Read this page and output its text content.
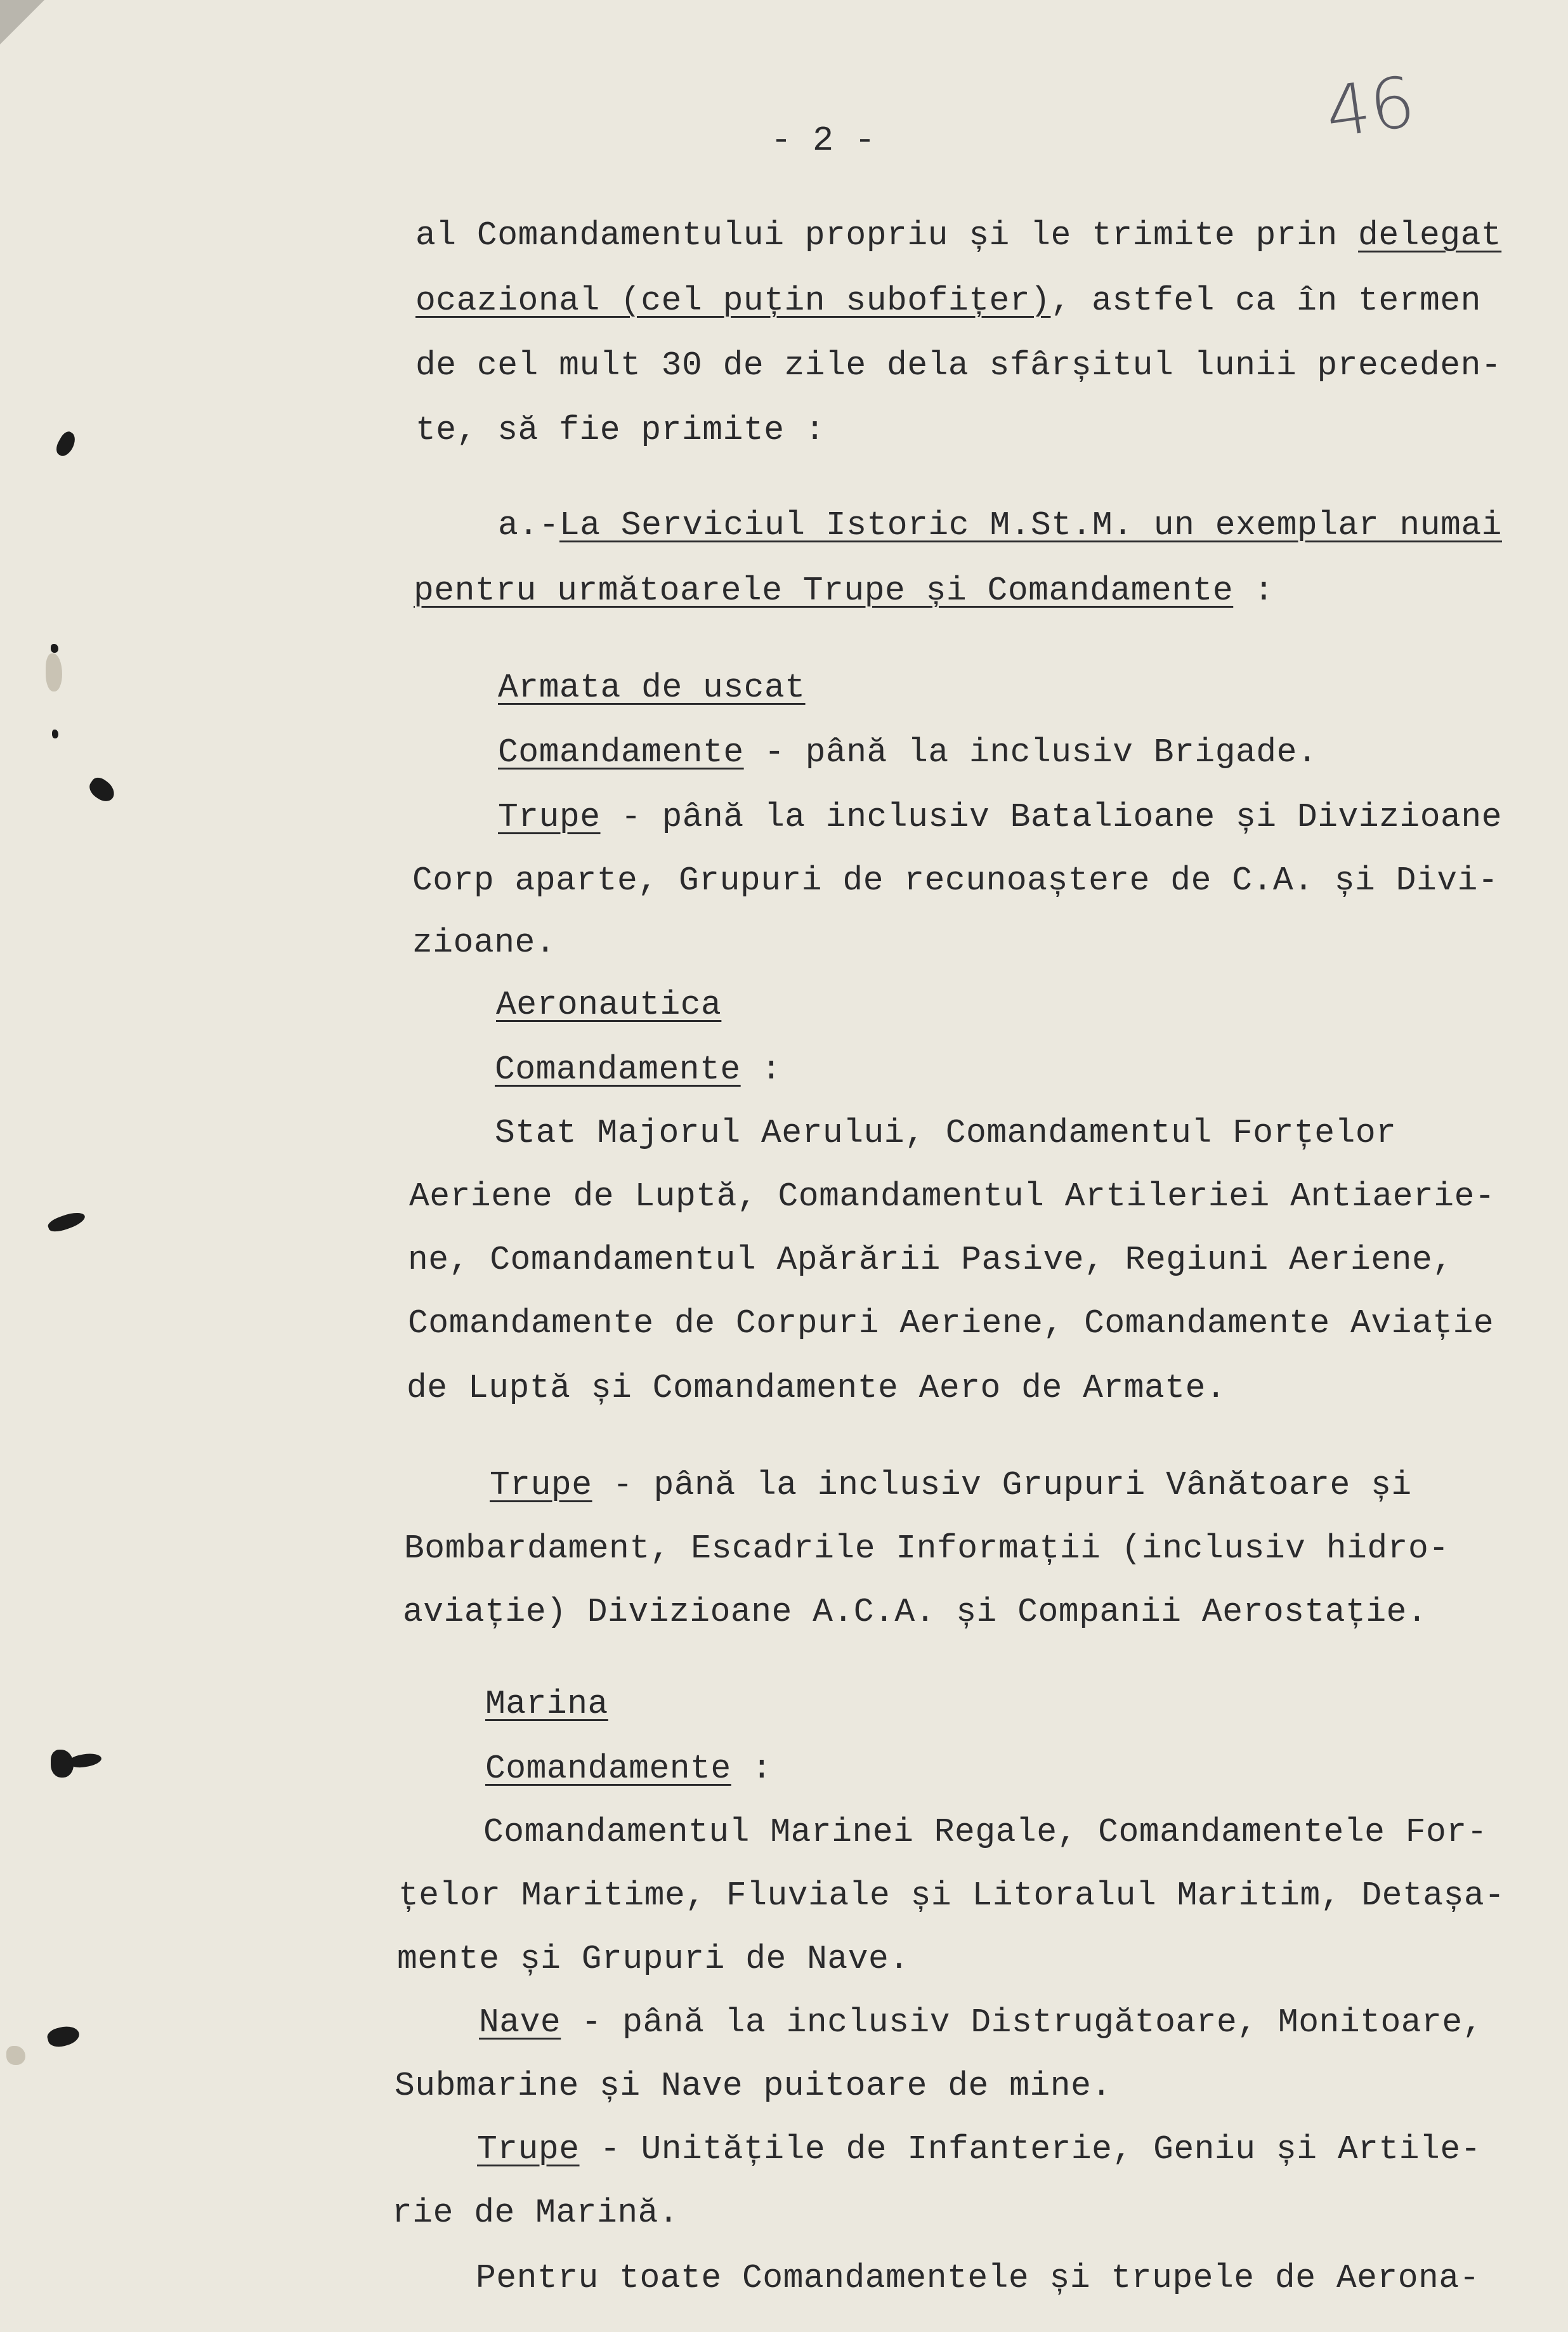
- 2 -	46
al Comandamentului propriu și le trimite prin delegat
ocazional (cel puțin subofițer), astfel ca în termen
de cel mult 30 de zile dela sfârșitul lunii preceden-
te, să fie primite :
a.-La Serviciul Istoric M.St.M. un exemplar numai
pentru următoarele Trupe și Comandamente :
Armata de uscat
Comandamente - până la inclusiv Brigade.
Trupe - până la inclusiv Batalioane și Divizioane
Corp aparte, Grupuri de recunoaștere de C.A. și Divi-
zioane.
Aeronautica
Comandamente :
Stat Majorul Aerului, Comandamentul Forțelor
Aeriene de Luptă, Comandamentul Artileriei Antiaerie-
ne, Comandamentul Apărării Pasive, Regiuni Aeriene,
Comandamente de Corpuri Aeriene, Comandamente Aviație
de Luptă și Comandamente Aero de Armate.
Trupe - până la inclusiv Grupuri Vânătoare și
Bombardament, Escadrile Informații (inclusiv hidro-
aviație) Divizioane A.C.A. și Companii Aerostație.
Marina
Comandamente :
Comandamentul Marinei Regale, Comandamentele For-
țelor Maritime, Fluviale și Litoralul Maritim, Detașa-
mente și Grupuri de Nave.
Nave - până la inclusiv Distrugătoare, Monitoare,
Submarine și Nave puitoare de mine.
Trupe - Unitățile de Infanterie, Geniu și Artile-
rie de Marină.
Pentru toate Comandamentele și trupele de Aerona-
